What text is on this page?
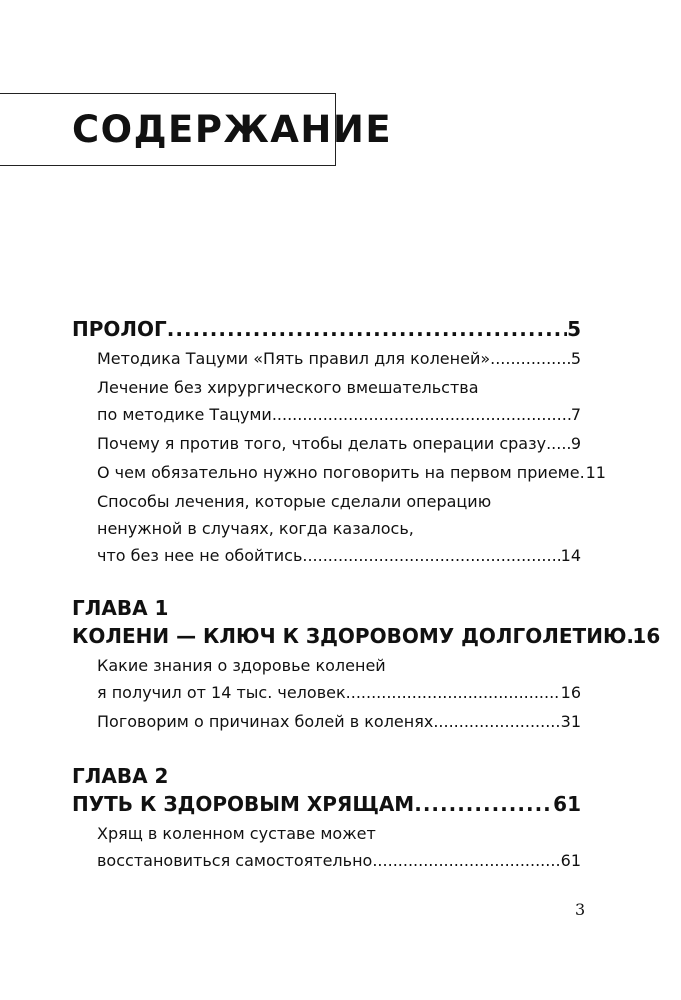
СОДЕРЖАНИЕ
ПРОЛОГ .....	5
Методика Тацуми «Пять правил для коленей» .....	5
Лечение без хирургического вмешательства
по методике Тацуми .....	7
Почему я против того, чтобы делать операции сразу ..... 9
О чем обязательно нужно поговорить на первом приеме ..... 11
Способы лечения, которые сделали операцию
ненужной в случаях, когда казалось,
что без нее не обойтись .....	14
ГЛАВА 1
КОЛЕНИ — КЛЮЧ К ЗДОРОВОМУ ДОЛГОЛЕТИЮ ..... 16
Какие знания о здоровье коленей
я получил от 14 тыс. человек .....	16
Поговорим о причинах болей в коленях .....	31
ГЛАВА 2
ПУТЬ К ЗДОРОВЫМ ХРЯЩАМ .....	61
Хрящ в коленном суставе может
восстановиться самостоятельно .....	61
3
